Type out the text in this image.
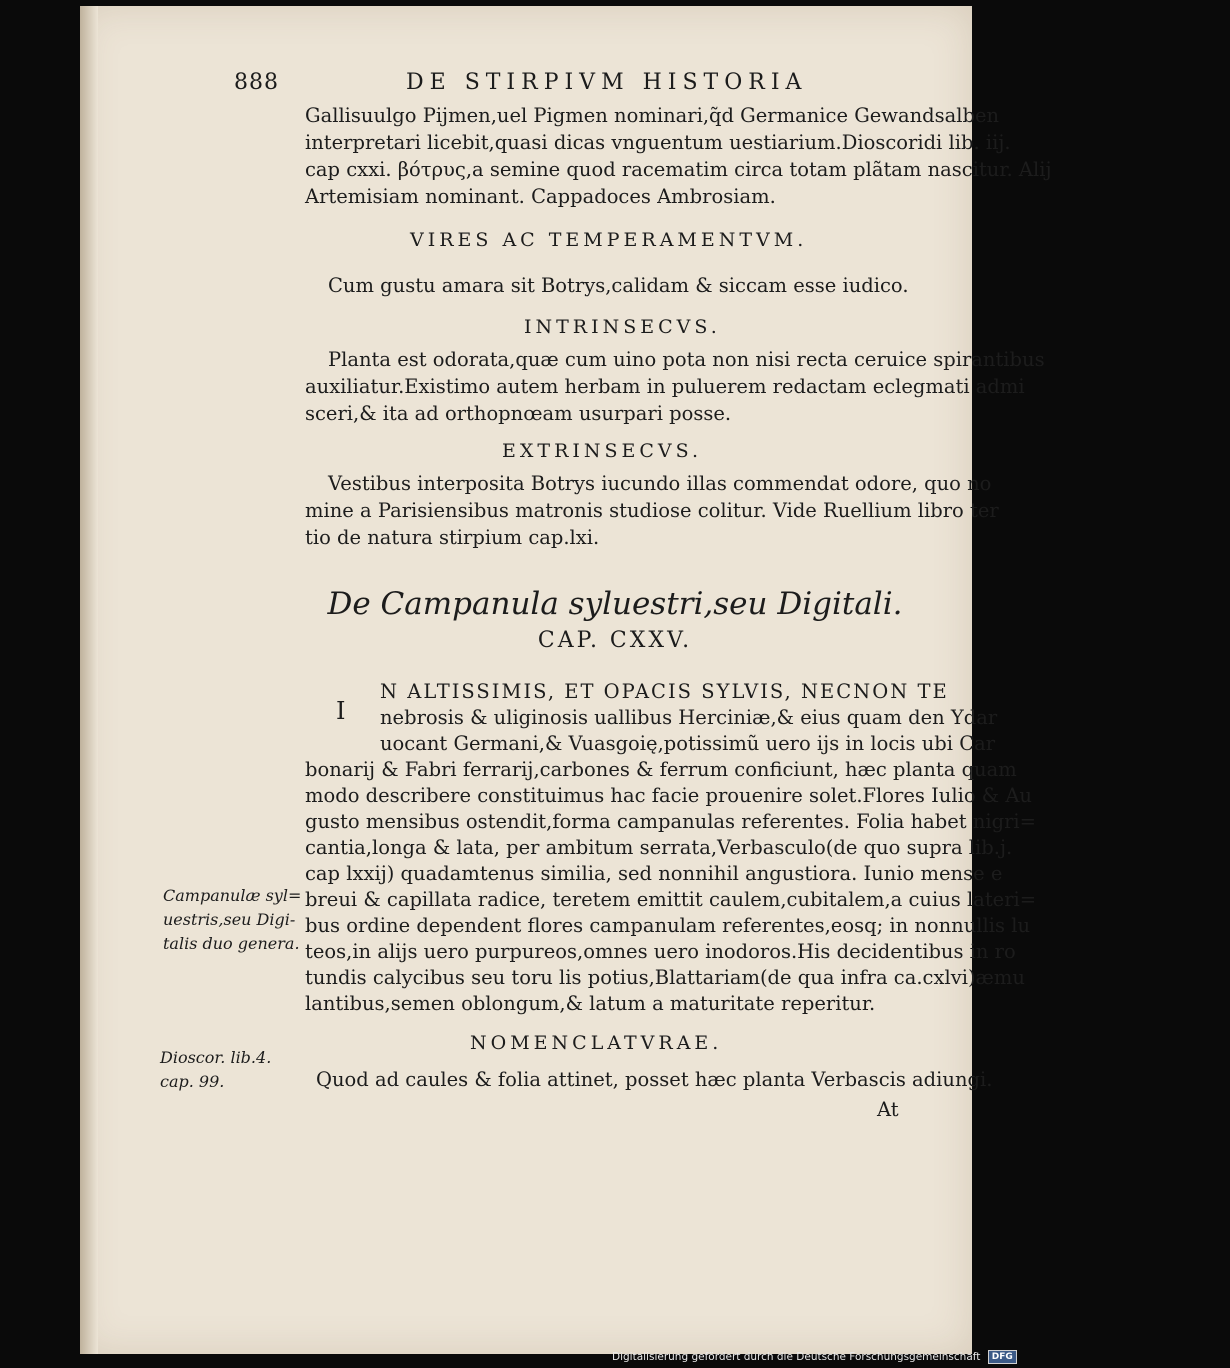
888	DE STIRPIVM HISTORIA
Gallisuulgo Pijmen,uel Pigmen nominari,q̃d Germanice Gewandsalben
interpretari licebit,quasi dicas vnguentum uestiarium.Dioscoridi lib. iij.
cap cxxi. βότρυς,a semine quod racematim circa totam plãtam nascitur. Alij
Artemisiam nominant. Cappadoces Ambrosiam.
VIRES AC TEMPERAMENTVM.
Cum gustu amara sit Botrys,calidam & siccam esse iudico.
INTRINSECVS.
Planta est odorata,quæ cum uino pota non nisi recta ceruice spirantibus
auxiliatur.Existimo autem herbam in puluerem redactam eclegmati admi
sceri,& ita ad orthopnœam usurpari posse.
EXTRINSECVS.
Vestibus interposita Botrys iucundo illas commendat odore, quo no
mine a Parisiensibus matronis studiose colitur. Vide Ruellium libro ter
tio de natura stirpium cap.lxi.
De Campanula syluestri,seu Digitali.
CAP. CXXV.
I
N ALTISSIMIS, ET OPACIS SYLVIS, NECNON TE
nebrosis & uliginosis uallibus Herciniæ,& eius quam den Ydar
uocant Germani,& Vuasgoię,potissimũ uero ijs in locis ubi Car
bonarij & Fabri ferrarij,carbones & ferrum conficiunt, hæc planta quam
modo describere constituimus hac facie prouenire solet.Flores Iulio & Au
gusto mensibus ostendit,forma campanulas referentes. Folia habet nigri=
cantia,longa & lata, per ambitum serrata,Verbasculo(de quo supra lib.j.
cap lxxij) quadamtenus similia, sed nonnihil angustiora. Iunio mense e
breui & capillata radice, teretem emittit caulem,cubitalem,a cuius lateri=
bus ordine dependent flores campanulam referentes,eosq; in nonnullis lu
teos,in alijs uero purpureos,omnes uero inodoros.His decidentibus in ro
tundis calycibus seu toru lis potius,Blattariam(de qua infra ca.cxlvi)æmu
lantibus,semen oblongum,& latum a maturitate reperitur.
NOMENCLATVRAE.
Quod ad caules & folia attinet, posset hæc planta Verbascis adiungi.
Campanulæ syl=
uestris,seu Digi-
talis duo genera.
Dioscor. lib.4.
cap. 99.
At
Digitalisierung gefördert durch die Deutsche Forschungsgemeinschaft DFG
